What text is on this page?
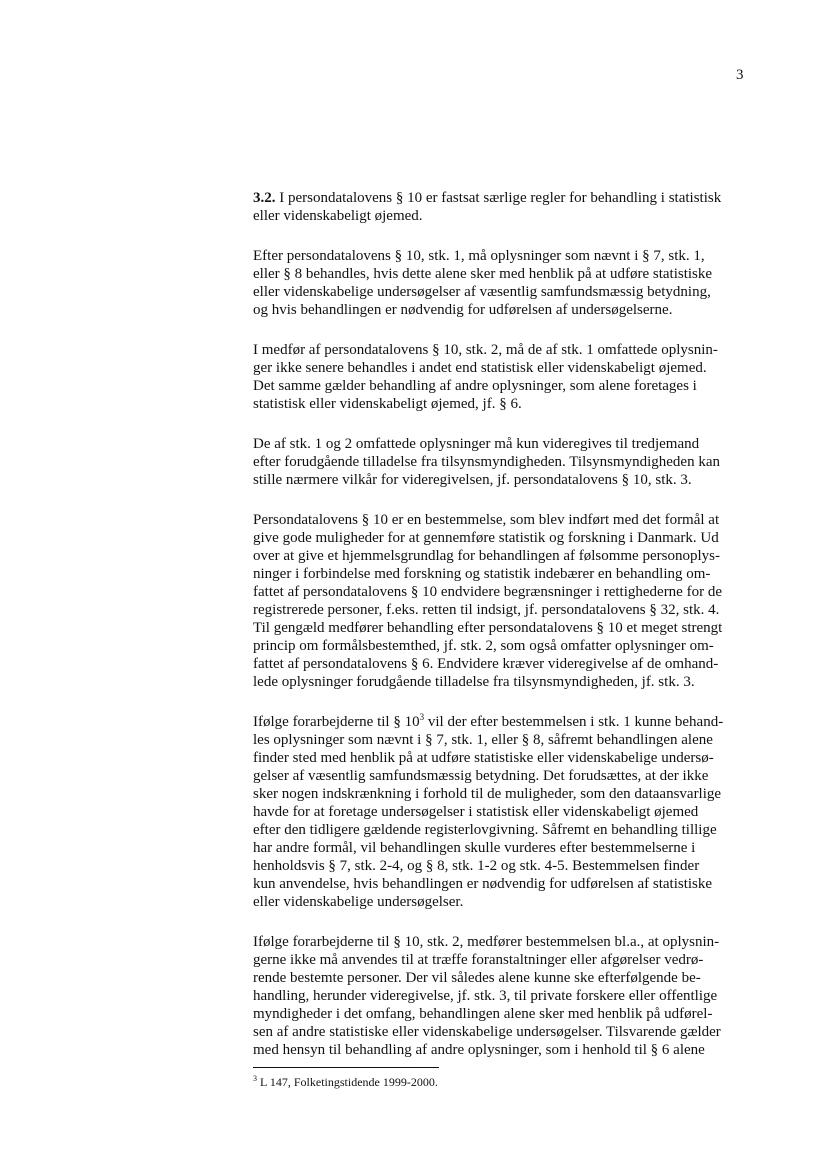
3

3.2. I persondatalovens § 10 er fastsat særlige regler for behandling i statistisk
eller videnskabeligt øjemed.

Efter persondatalovens § 10, stk. 1, må oplysninger som nævnt i § 7, stk. 1,
eller § 8 behandles, hvis dette alene sker med henblik på at udføre statistiske
eller videnskabelige undersøgelser af væsentlig samfundsmæssig betydning,
og hvis behandlingen er nødvendig for udførelsen af undersøgelserne.

I medfør af persondatalovens § 10, stk. 2, må de af stk. 1 omfattede oplysnin-
ger ikke senere behandles i andet end statistisk eller videnskabeligt øjemed.
Det samme gælder behandling af andre oplysninger, som alene foretages i
statistisk eller videnskabeligt øjemed, jf. § 6.

De af stk. 1 og 2 omfattede oplysninger må kun videregives til tredjemand
efter forudgående tilladelse fra tilsynsmyndigheden. Tilsynsmyndigheden kan
stille nærmere vilkår for videregivelsen, jf. persondatalovens § 10, stk. 3.

Persondatalovens § 10 er en bestemmelse, som blev indført med det formål at
give gode muligheder for at gennemføre statistik og forskning i Danmark. Ud
over at give et hjemmelsgrundlag for behandlingen af følsomme personoplys-
ninger i forbindelse med forskning og statistik indebærer en behandling om-
fattet af persondatalovens § 10 endvidere begrænsninger i rettighederne for de
registrerede personer, f.eks. retten til indsigt, jf. persondatalovens § 32, stk. 4.
Til gengæld medfører behandling efter persondatalovens § 10 et meget strengt
princip om formålsbestemthed, jf. stk. 2, som også omfatter oplysninger om-
fattet af persondatalovens § 6. Endvidere kræver videregivelse af de omhand-
lede oplysninger forudgående tilladelse fra tilsynsmyndigheden, jf. stk. 3.

Ifølge forarbejderne til § $10^3$ vil der efter bestemmelsen i stk. 1 kunne behand-
les oplysninger som nævnt i § 7, stk. 1, eller § 8, såfremt behandlingen alene
finder sted med henblik på at udføre statistiske eller videnskabelige undersø-
gelser af væsentlig samfundsmæssig betydning. Det forudsættes, at der ikke
sker nogen indskrænkning i forhold til de muligheder, som den dataansvarlige
havde for at foretage undersøgelser i statistisk eller videnskabeligt øjemed
efter den tidligere gældende registerlovgivning. Såfremt en behandling tillige
har andre formål, vil behandlingen skulle vurderes efter bestemmelserne i
henholdsvis § 7, stk. 2-4, og § 8, stk. 1-2 og stk. 4-5. Bestemmelsen finder
kun anvendelse, hvis behandlingen er nødvendig for udførelsen af statistiske
eller videnskabelige undersøgelser.

Ifølge forarbejderne til § 10, stk. 2, medfører bestemmelsen bl.a., at oplysnin-
gerne ikke må anvendes til at træffe foranstaltninger eller afgørelser vedrø-
rende bestemte personer. Der vil således alene kunne ske efterfølgende be-
handling, herunder videregivelse, jf. stk. 3, til private forskere eller offentlige
myndigheder i det omfang, behandlingen alene sker med henblik på udførel-
sen af andre statistiske eller videnskabelige undersøgelser. Tilsvarende gælder
med hensyn til behandling af andre oplysninger, som i henhold til § 6 alene

$^3$ L 147, Folketingstidende 1999-2000.
